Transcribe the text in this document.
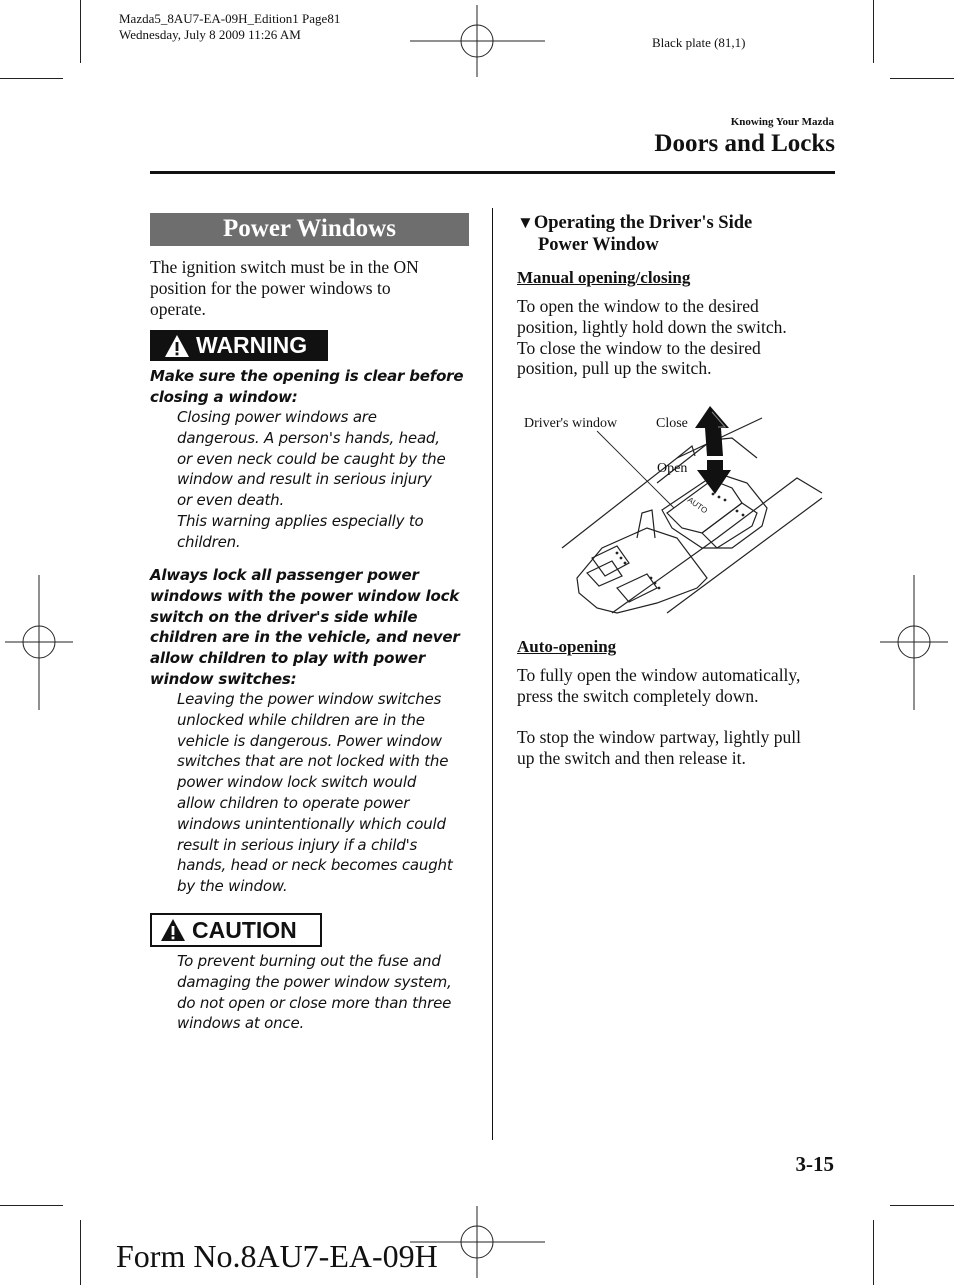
Mazda5_8AU7-EA-09H_Edition1 Page81
Wednesday, July 8 2009 11:26 AM
Black plate (81,1)
Knowing Your Mazda
Doors and Locks
Power Windows
The ignition switch must be in the ON
position for the power windows to
operate.
WARNING
Make sure the opening is clear before
closing a window:
Closing power windows are
dangerous. A person's hands, head,
or even neck could be caught by the
window and result in serious injury
or even death.
This warning applies especially to
children.
Always lock all passenger power
windows with the power window lock
switch on the driver's side while
children are in the vehicle, and never
allow children to play with power
window switches:
Leaving the power window switches
unlocked while children are in the
vehicle is dangerous. Power window
switches that are not locked with the
power window lock switch would
allow children to operate power
windows unintentionally which could
result in serious injury if a child's
hands, head or neck becomes caught
by the window.
CAUTION
To prevent burning out the fuse and
damaging the power window system,
do not open or close more than three
windows at once.
▼Operating the Driver's Side
Power Window
Manual opening/closing
To open the window to the desired
position, lightly hold down the switch.
To close the window to the desired
position, pull up the switch.
AUTO
Driver's window	Close
Open
Auto-opening
To fully open the window automatically,
press the switch completely down.
To stop the window partway, lightly pull
up the switch and then release it.
3-15
Form No.8AU7-EA-09H
